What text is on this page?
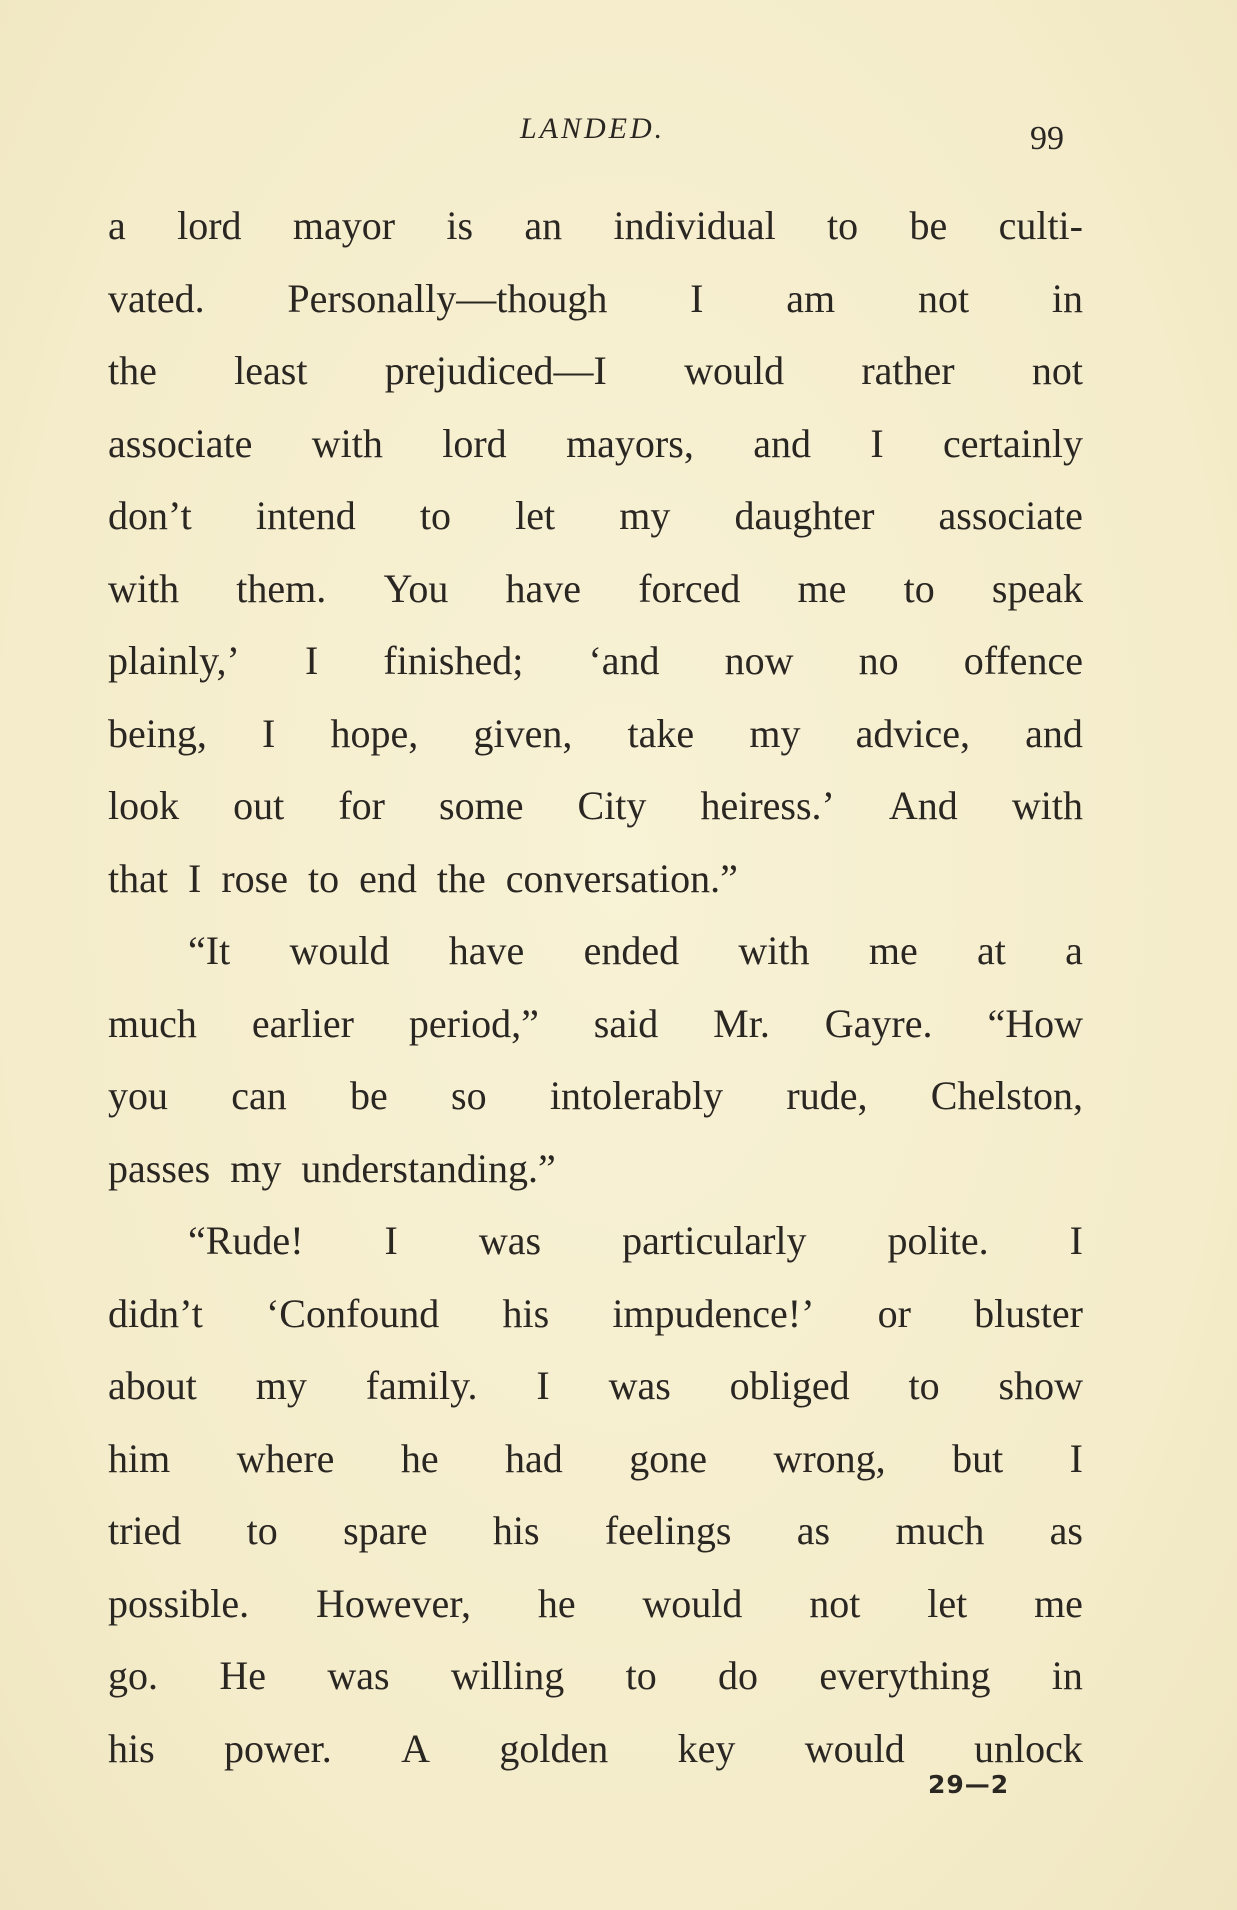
LANDED.	99
a lord mayor is an individual to be culti-
vated. Personally—though I am not in
the least prejudiced—I would rather not
associate with lord mayors, and I certainly
don’t intend to let my daughter associate
with them. You have forced me to speak
plainly,’ I finished; ‘and now no offence
being, I hope, given, take my advice, and
look out for some City heiress.’ And with
that I rose to end the conversation.”
“It would have ended with me at a
much earlier period,” said Mr. Gayre. “How
you can be so intolerably rude, Chelston,
passes my understanding.”
“Rude! I was particularly polite. I
didn’t ‘Confound his impudence!’ or bluster
about my family. I was obliged to show
him where he had gone wrong, but I
tried to spare his feelings as much as
possible. However, he would not let me
go. He was willing to do everything in
his power. A golden key would unlock
29—2
